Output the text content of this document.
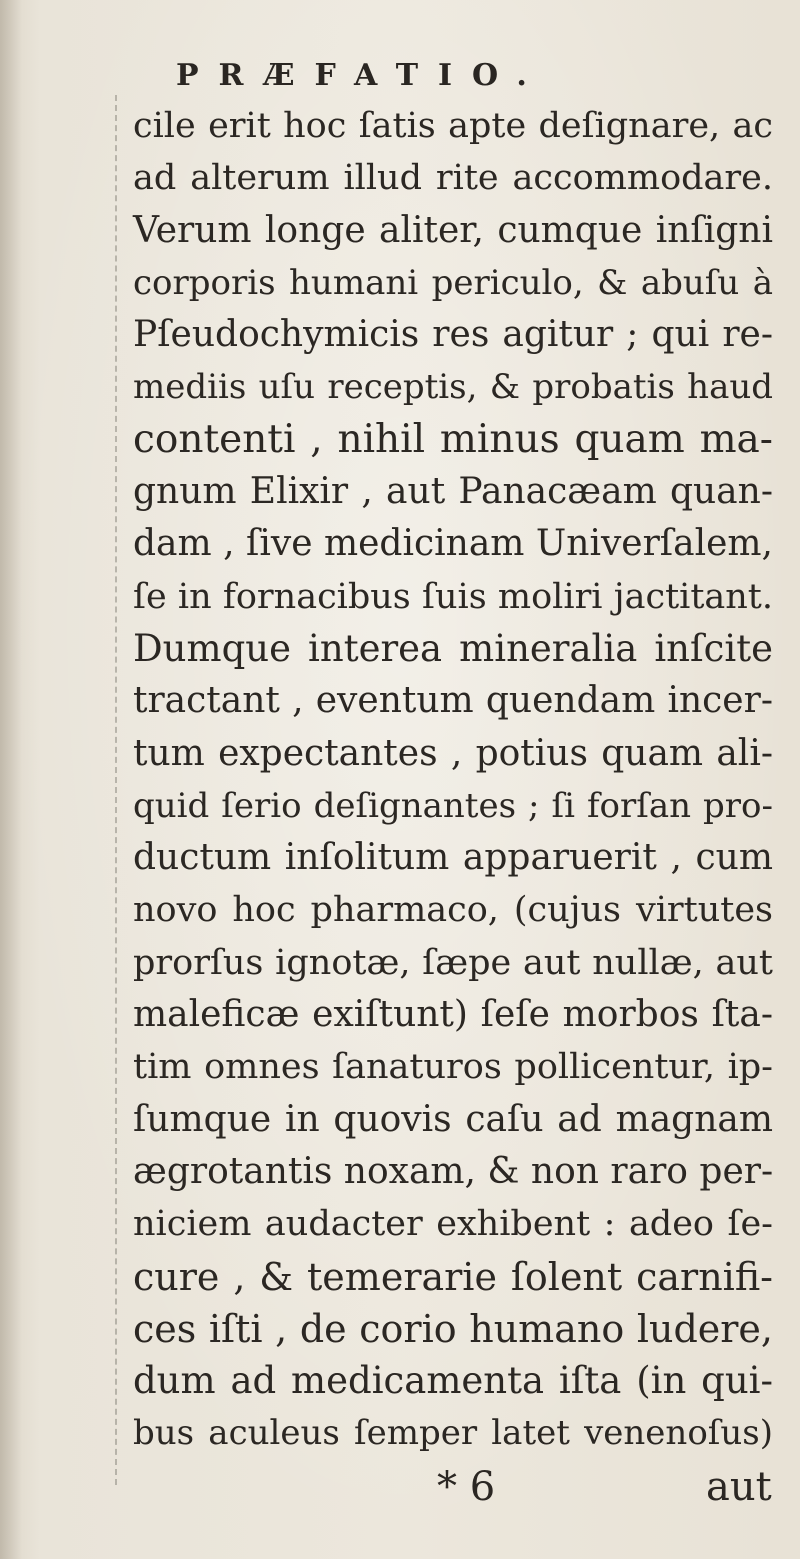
PRÆFATIO.
cile erit hoc ſatis apte deſignare, ac
ad alterum illud rite accommodare.
Verum longe aliter, cumque inſigni
corporis humani periculo, & abuſu à
Pſeudochymicis res agitur ; qui re-
mediis uſu receptis, & probatis haud
contenti , nihil minus quam ma-
gnum Elixir , aut Panacæam quan-
dam , ſive medicinam Univerſalem,
ſe in fornacibus ſuis moliri jactitant.
Dumque interea mineralia inſcite
tractant , eventum quendam incer-
tum expectantes , potius quam ali-
quid ſerio deſignantes ; ſi forſan pro-
ductum inſolitum apparuerit , cum
novo hoc pharmaco, (cujus virtutes
prorſus ignotæ, ſæpe aut nullæ, aut
maleficæ exiſtunt) ſeſe morbos ſta-
tim omnes ſanaturos pollicentur, ip-
ſumque in quovis caſu ad magnam
ægrotantis noxam, & non raro per-
niciem audacter exhibent : adeo ſe-
cure , & temerarie ſolent carnifi-
ces iſti , de corio humano ludere,
dum ad medicamenta iſta (in qui-
bus aculeus ſemper latet venenoſus)
* 6	aut
